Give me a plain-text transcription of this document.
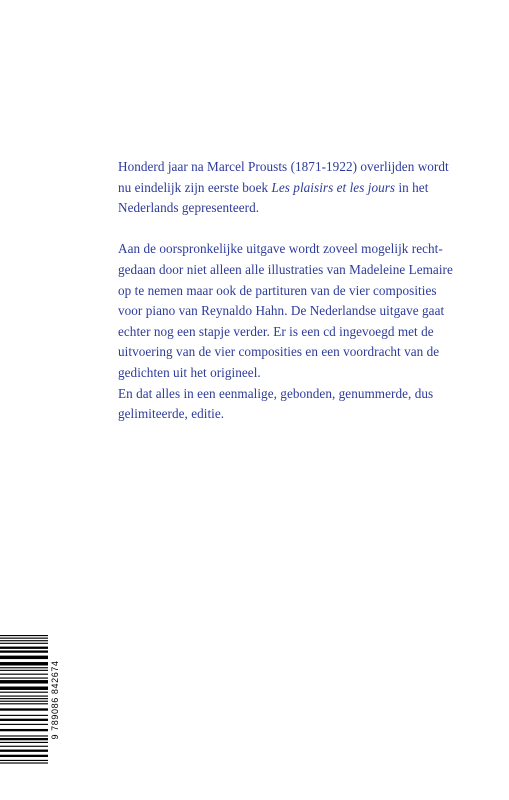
Honderd jaar na Marcel Prousts (1871-1922) overlijden wordt
nu eindelijk zijn eerste boek Les plaisirs et les jours in het
Nederlands gepresenteerd.

Aan de oorspronkelijke uitgave wordt zoveel mogelijk recht-
gedaan door niet alleen alle illustraties van Madeleine Lemaire
op te nemen maar ook de partituren van de vier composities
voor piano van Reynaldo Hahn. De Nederlandse uitgave gaat
echter nog een stapje verder. Er is een cd ingevoegd met de
uitvoering van de vier composities en een voordracht van de
gedichten uit het origineel.

En dat alles in een eenmalige, gebonden, genummerde, dus
gelimiteerde, editie.

9 789086 842674
